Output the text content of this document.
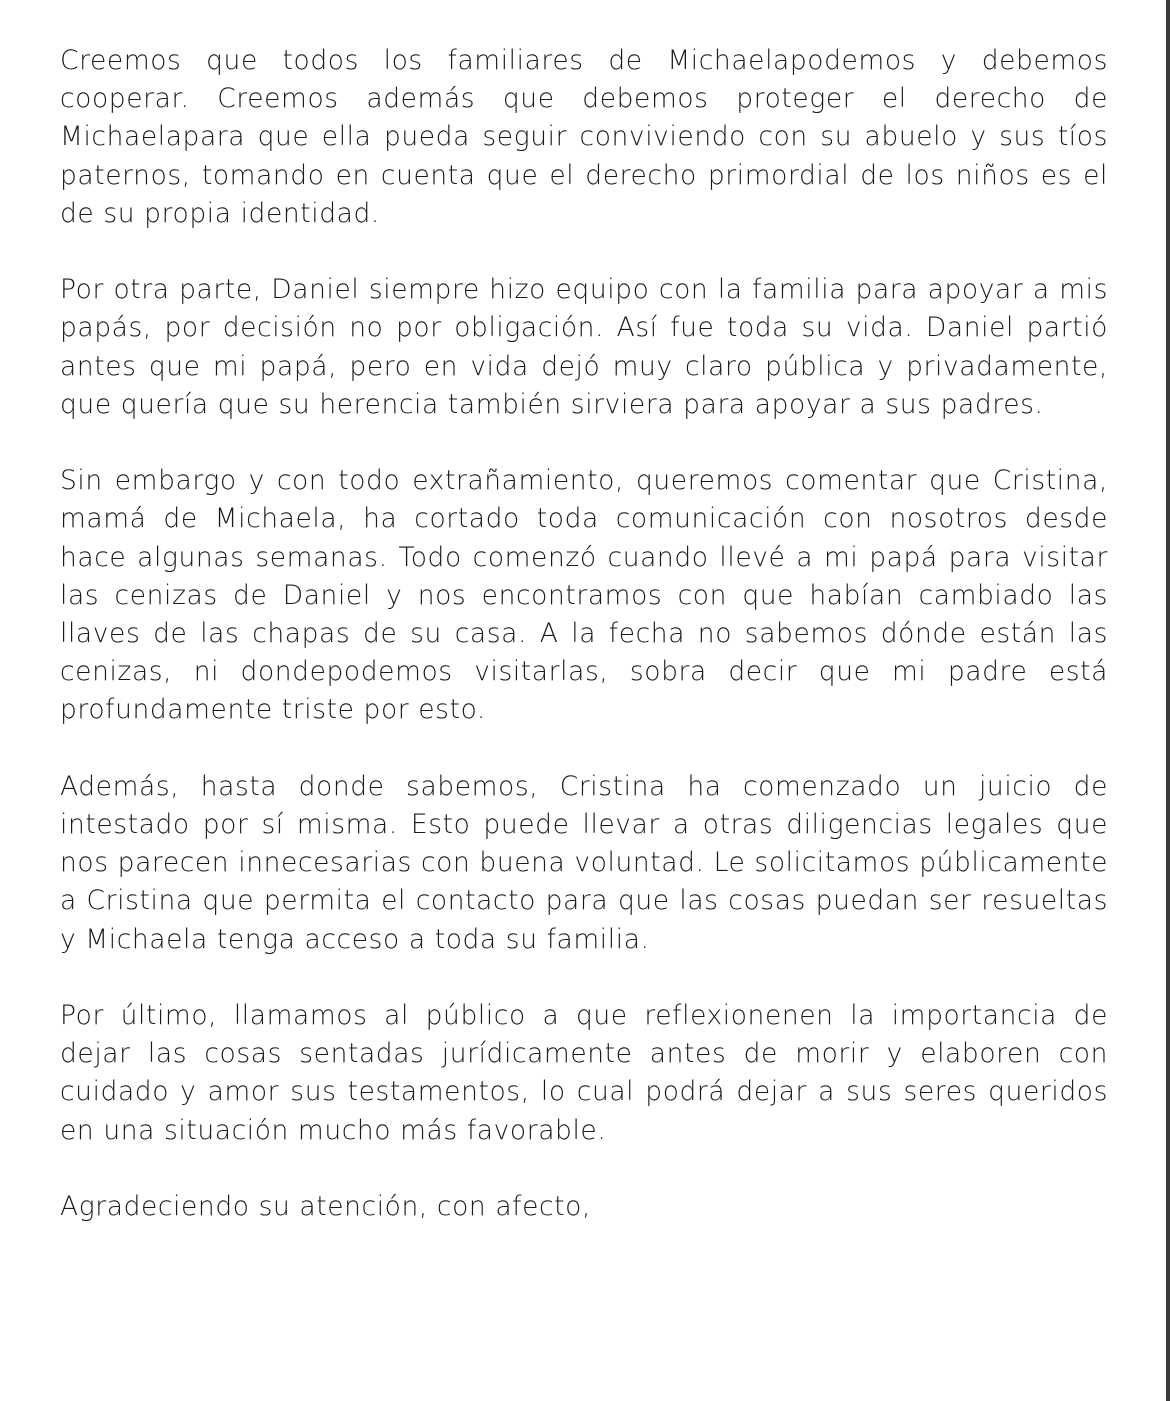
Creemos que todos los familiares de Michaelapodemos y debemos cooperar. Creemos además que debemos proteger el derecho de Michaelapara que ella pueda seguir conviviendo con su abuelo y sus tíos paternos, tomando en cuenta que el derecho primordial de los niños es el de su propia identidad.

Por otra parte, Daniel siempre hizo equipo con la familia para apoyar a mis papás, por decisión no por obligación. Así fue toda su vida. Daniel partió antes que mi papá, pero en vida dejó muy claro pública y privadamente, que quería que su herencia también sirviera para apoyar a sus padres.

Sin embargo y con todo extrañamiento, queremos comentar que Cristina, mamá de Michaela, ha cortado toda comunicación con nosotros desde hace algunas semanas. Todo comenzó cuando llevé a mi papá para visitar las cenizas de Daniel y nos encontramos con que habían cambiado las llaves de las chapas de su casa. A la fecha no sabemos dónde están las cenizas, ni dondepodemos visitarlas, sobra decir que mi padre está profundamente triste por esto.

Además, hasta donde sabemos, Cristina ha comenzado un juicio de intestado por sí misma. Esto puede llevar a otras diligencias legales que nos parecen innecesarias con buena voluntad. Le solicitamos públicamente a Cristina que permita el contacto para que las cosas puedan ser resueltas y Michaela tenga acceso a toda su familia.

Por último, llamamos al público a que reflexionenen la importancia de dejar las cosas sentadas jurídicamente antes de morir y elaboren con cuidado y amor sus testamentos, lo cual podrá dejar a sus seres queridos en una situación mucho más favorable.

Agradeciendo su atención, con afecto,
